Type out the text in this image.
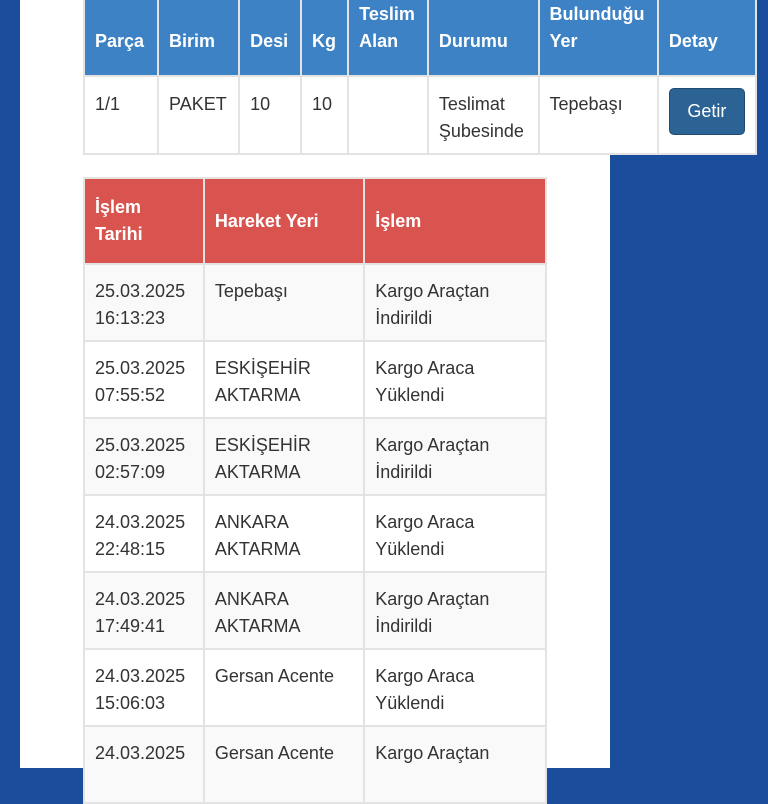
Parça	Birim	Desi	Kg	Teslim Alan	Durumu	Bulunduğu Yer	Detay
1/1	PAKET	10	10		Teslimat Şubesinde	Tepebaşı	Getir
İşlem Tarihi	Hareket Yeri	İşlem
25.03.2025
16:13:23	Tepebaşı	Kargo Araçtan İndirildi
25.03.2025
07:55:52	ESKİŞEHİR AKTARMA	Kargo Araca Yüklendi
25.03.2025
02:57:09	ESKİŞEHİR AKTARMA	Kargo Araçtan İndirildi
24.03.2025
22:48:15	ANKARA AKTARMA	Kargo Araca Yüklendi
24.03.2025
17:49:41	ANKARA AKTARMA	Kargo Araçtan İndirildi
24.03.2025
15:06:03	Gersan Acente	Kargo Araca Yüklendi
24.03.2025	Gersan Acente	Kargo Araçtan
